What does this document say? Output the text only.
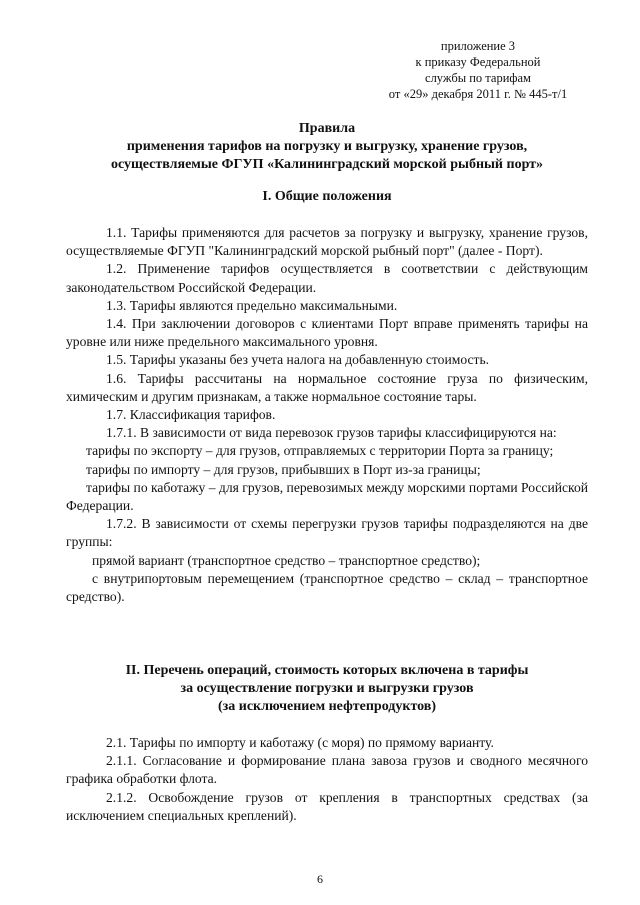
приложение 3
к приказу Федеральной
службы по тарифам
от «29» декабря 2011 г. № 445-т/1
Правила
применения тарифов на погрузку и выгрузку, хранение грузов,
осуществляемые ФГУП «Калининградский морской рыбный порт»
I. Общие положения

1.1. Тарифы применяются для расчетов за погрузку и выгрузку, хранение грузов, осуществляемые ФГУП "Калининградский морской рыбный порт" (далее - Порт).

1.2. Применение тарифов осуществляется в соответствии с действующим законодательством Российской Федерации.

1.3. Тарифы являются предельно максимальными.

1.4. При заключении договоров с клиентами Порт вправе применять тарифы на уровне или ниже предельного максимального уровня.

1.5. Тарифы указаны без учета налога на добавленную стоимость.

1.6. Тарифы рассчитаны на нормальное состояние груза по физическим, химическим и другим признакам, а также нормальное состояние тары.

1.7. Классификация тарифов.

1.7.1. В зависимости от вида перевозок грузов тарифы классифицируются на:

тарифы по экспорту – для грузов, отправляемых с территории Порта за границу;

тарифы по импорту – для грузов, прибывших в Порт из-за границы;

тарифы по каботажу – для грузов, перевозимых между морскими портами Российской Федерации.

1.7.2. В зависимости от схемы перегрузки грузов тарифы подразделяются на две группы:

прямой вариант (транспортное средство – транспортное средство);

с внутрипортовым перемещением (транспортное средство – склад – транспортное средство).

II. Перечень операций, стоимость которых включена в тарифы
за осуществление погрузки и выгрузки грузов
(за исключением нефтепродуктов)

2.1. Тарифы по импорту и каботажу (с моря) по прямому варианту.

2.1.1. Согласование и формирование плана завоза грузов и сводного месячного графика обработки флота.

2.1.2. Освобождение грузов от крепления в транспортных средствах (за исключением специальных креплений).

6
